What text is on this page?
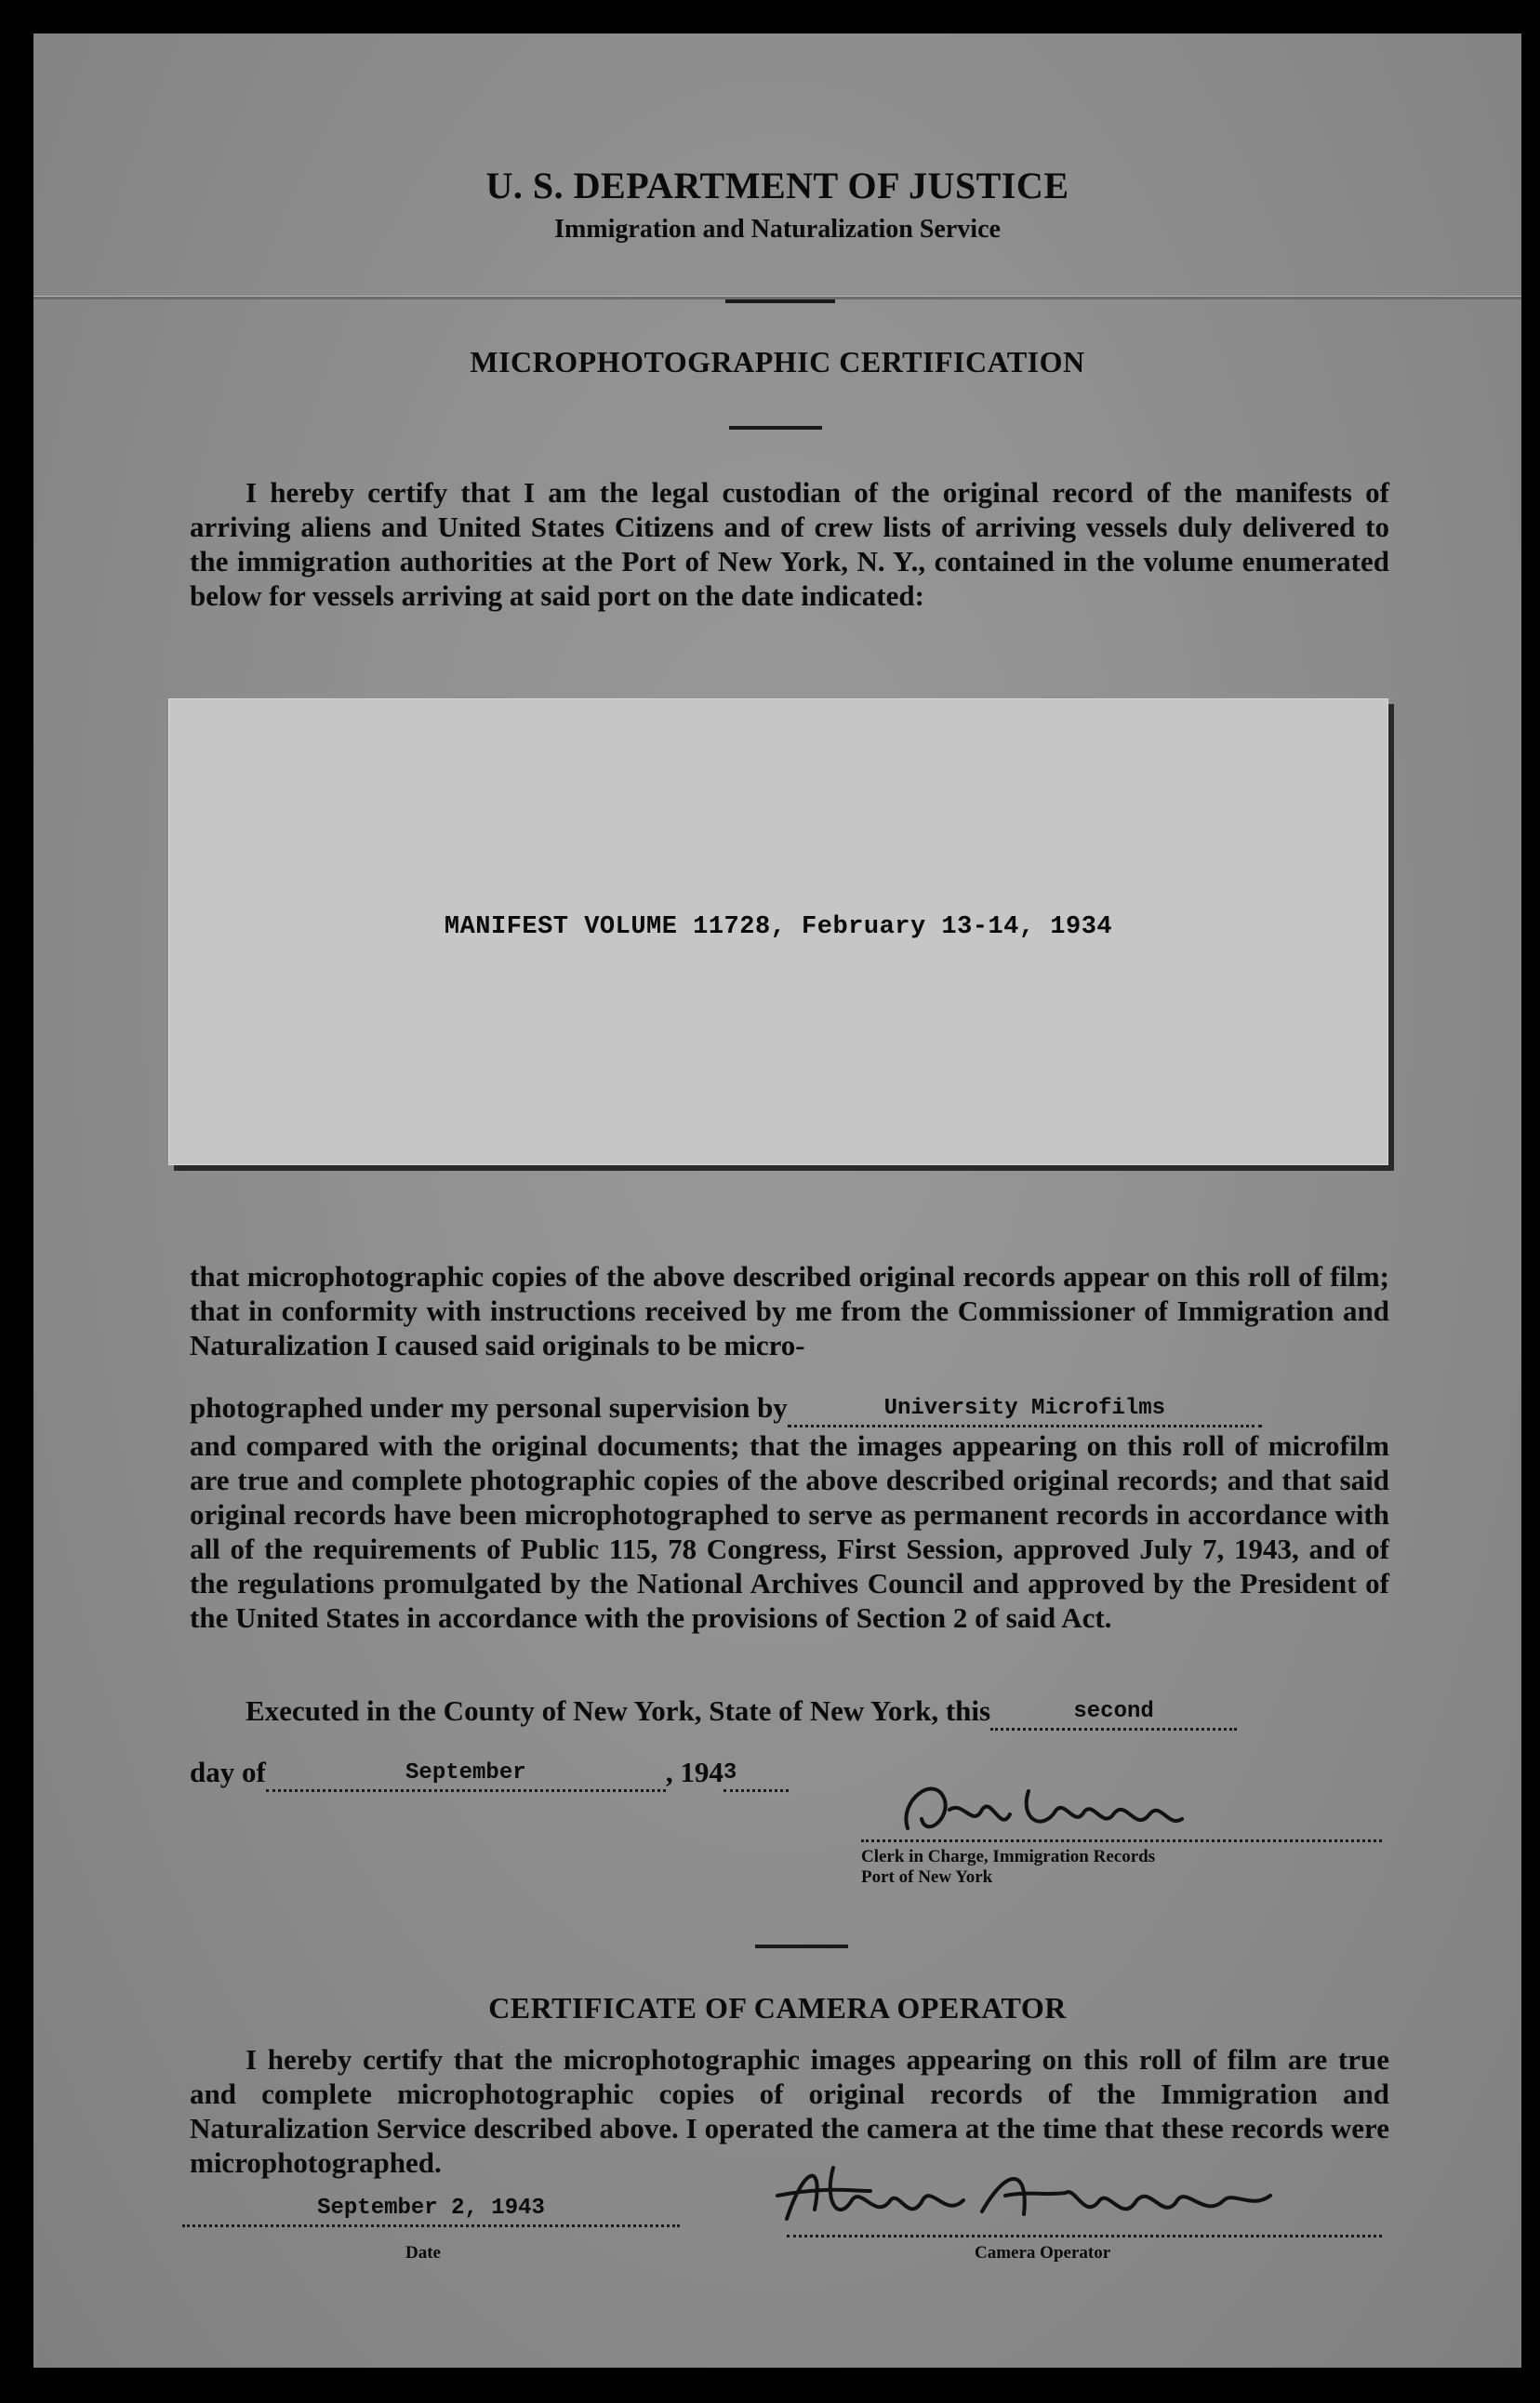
U. S. DEPARTMENT OF JUSTICE
Immigration and Naturalization Service
MICROPHOTOGRAPHIC CERTIFICATION
I hereby certify that I am the legal custodian of the original record of the manifests of arriving aliens and United States Citizens and of crew lists of arriving vessels duly delivered to the immigration authorities at the Port of New York, N. Y., contained in the volume enumerated below for vessels arriving at said port on the date indicated:
MANIFEST VOLUME 11728, February 13-14, 1934
that microphotographic copies of the above described original records appear on this roll of film; that in conformity with instructions received by me from the Commissioner of Immigration and Naturalization I caused said originals to be micro-
photographed under my personal supervision by	University Microfilms
and compared with the original documents; that the images appearing on this roll of microfilm are true and complete photographic copies of the above described original records; and that said original records have been microphotographed to serve as permanent records in accordance with all of the requirements of Public 115, 78 Congress, First Session, approved July 7, 1943, and of the regulations promulgated by the National Archives Council and approved by the President of the United States in accordance with the provisions of Section 2 of said Act.
Executed in the County of New York, State of New York, this	second
day of	September	, 1943
Clerk in Charge, Immigration Records
Port of New York
CERTIFICATE OF CAMERA OPERATOR
I hereby certify that the microphotographic images appearing on this roll of film are true and complete microphotographic copies of original records of the Immigration and Naturalization Service described above. I operated the camera at the time that these records were microphotographed.
September 2, 1943
Date	Camera Operator
